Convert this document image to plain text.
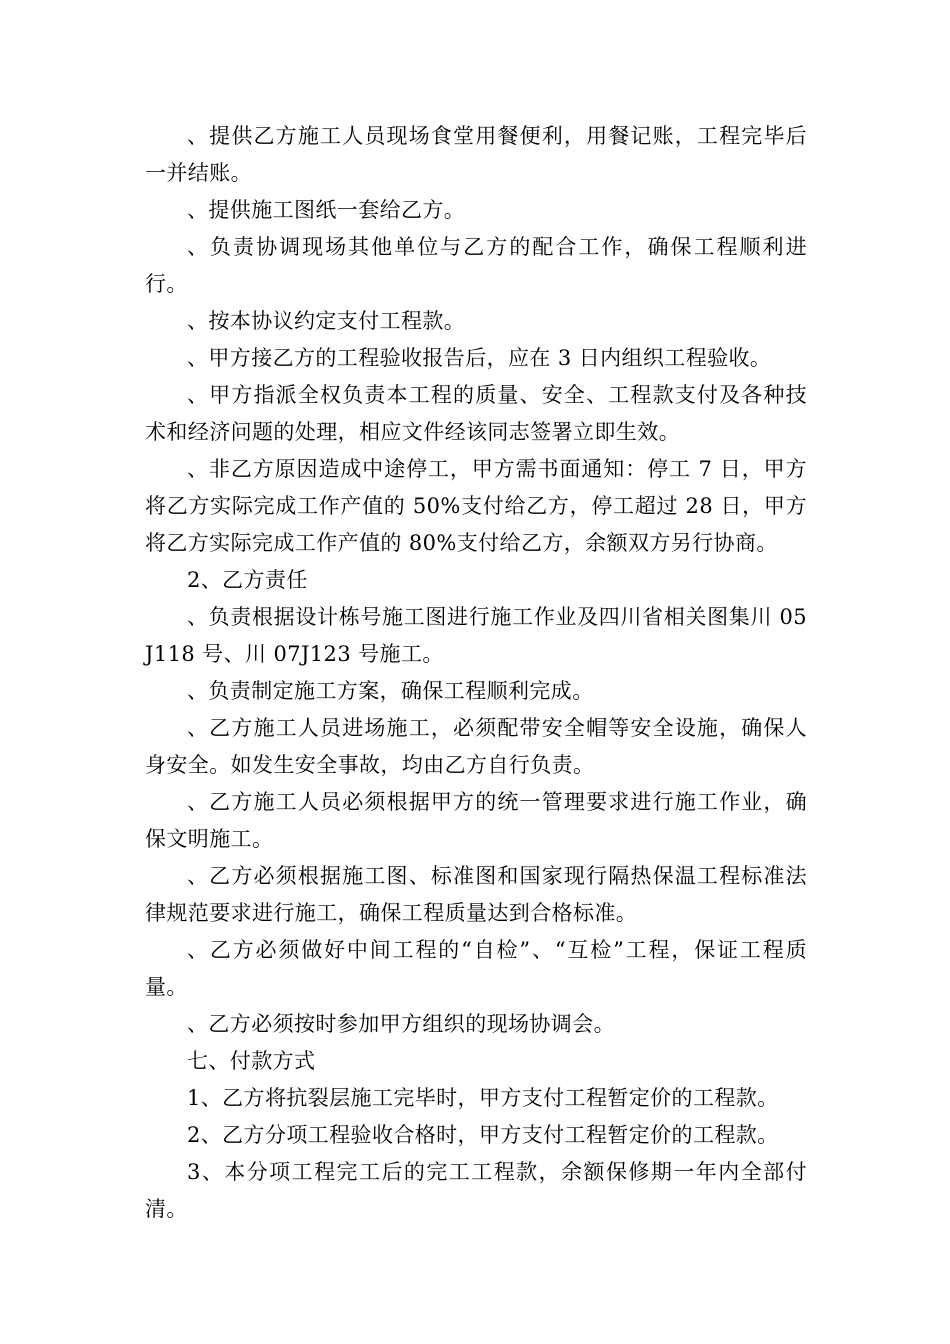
、提供乙方施工人员现场食堂用餐便利，用餐记账，工程完毕后一并结账。

、提供施工图纸一套给乙方。

、负责协调现场其他单位与乙方的配合工作，确保工程顺利进行。

、按本协议约定支付工程款。

、甲方接乙方的工程验收报告后，应在 3 日内组织工程验收。

、甲方指派全权负责本工程的质量、安全、工程款支付及各种技术和经济问题的处理，相应文件经该同志签署立即生效。

、非乙方原因造成中途停工，甲方需书面通知：停工 7 日，甲方将乙方实际完成工作产值的 50%支付给乙方，停工超过 28 日，甲方将乙方实际完成工作产值的 80%支付给乙方，余额双方另行协商。

2、乙方责任

、负责根据设计栋号施工图进行施工作业及四川省相关图集川 05J118 号、川 07J123 号施工。

、负责制定施工方案，确保工程顺利完成。

、乙方施工人员进场施工，必须配带安全帽等安全设施，确保人身安全。如发生安全事故，均由乙方自行负责。

、乙方施工人员必须根据甲方的统一管理要求进行施工作业，确保文明施工。

、乙方必须根据施工图、标准图和国家现行隔热保温工程标准法律规范要求进行施工，确保工程质量达到合格标准。

、乙方必须做好中间工程的“自检”、“互检”工程，保证工程质量。

、乙方必须按时参加甲方组织的现场协调会。

七、付款方式

1、乙方将抗裂层施工完毕时，甲方支付工程暂定价的工程款。

2、乙方分项工程验收合格时，甲方支付工程暂定价的工程款。

3、本分项工程完工后的完工工程款，余额保修期一年内全部付清。
